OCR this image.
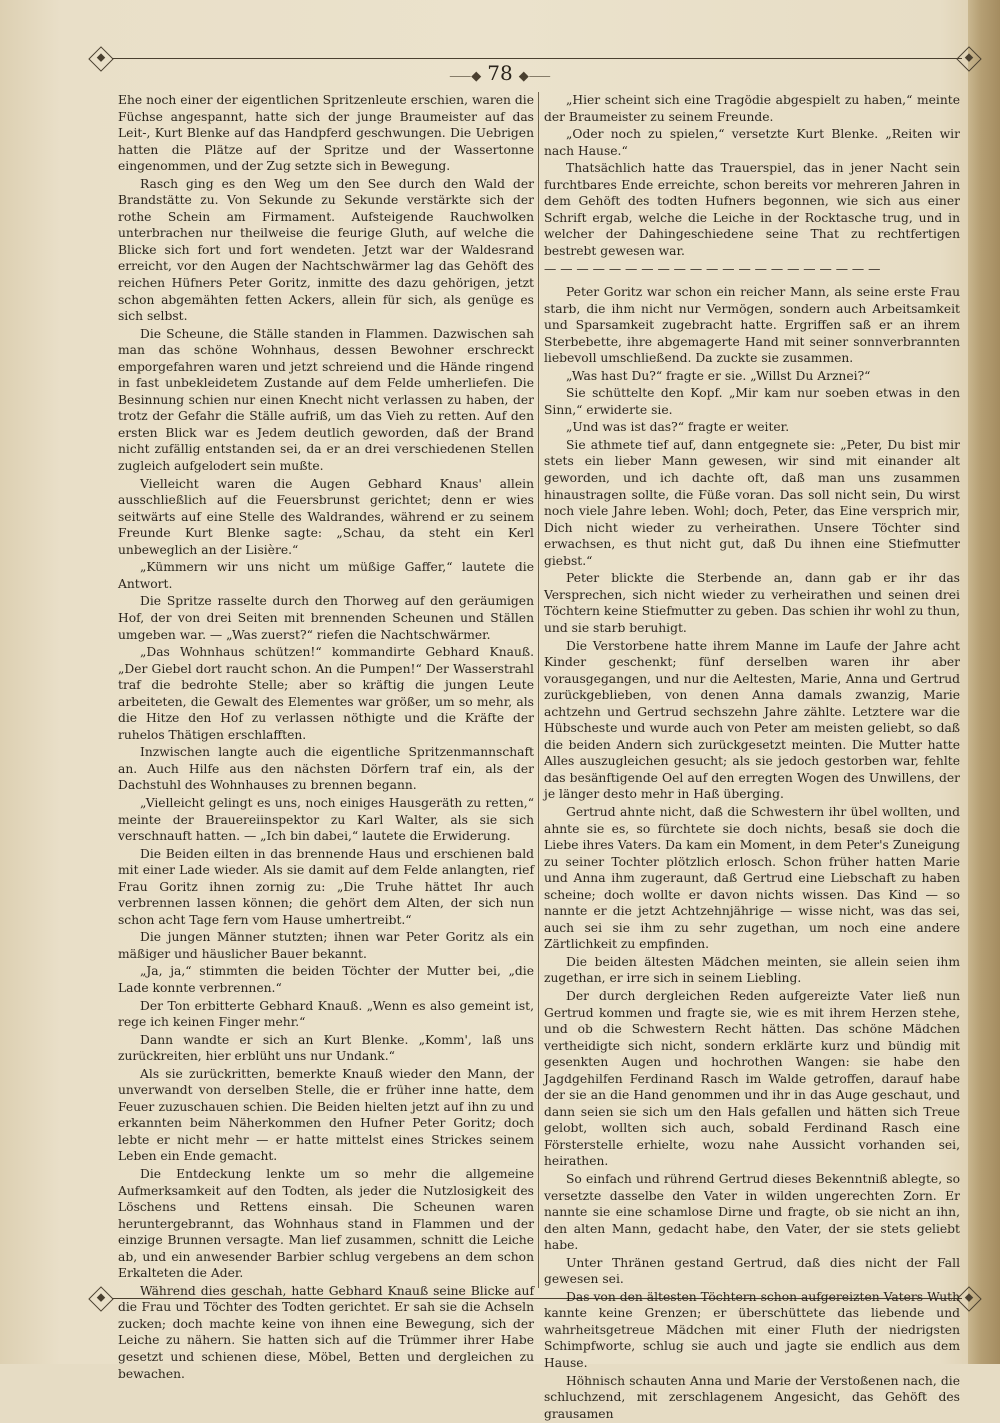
⸺◆ 78 ◆⸺

Ehe noch einer der eigentlichen Spritzenleute erschien, waren die Füchse angespannt, hatte sich der junge Braumeister auf das Leit-, Kurt Blenke auf das Handpferd geschwungen. Die Uebrigen hatten die Plätze auf der Spritze und der Wassertonne eingenommen, und der Zug setzte sich in Bewegung.

Rasch ging es den Weg um den See durch den Wald der Brandstätte zu. Von Sekunde zu Sekunde verstärkte sich der rothe Schein am Firmament. Aufsteigende Rauchwolken unterbrachen nur theilweise die feurige Gluth, auf welche die Blicke sich fort und fort wendeten. Jetzt war der Waldesrand erreicht, vor den Augen der Nachtschwärmer lag das Gehöft des reichen Hüfners Peter Goritz, inmitte des dazu gehörigen, jetzt schon abgemähten fetten Ackers, allein für sich, als genüge es sich selbst.

Die Scheune, die Ställe standen in Flammen. Dazwischen sah man das schöne Wohnhaus, dessen Bewohner erschreckt emporgefahren waren und jetzt schreiend und die Hände ringend in fast unbekleidetem Zustande auf dem Felde umherliefen. Die Besinnung schien nur einen Knecht nicht verlassen zu haben, der trotz der Gefahr die Ställe aufriß, um das Vieh zu retten. Auf den ersten Blick war es Jedem deutlich geworden, daß der Brand nicht zufällig entstanden sei, da er an drei verschiedenen Stellen zugleich aufgelodert sein mußte.

Vielleicht waren die Augen Gebhard Knaus' allein ausschließlich auf die Feuersbrunst gerichtet; denn er wies seitwärts auf eine Stelle des Waldrandes, während er zu seinem Freunde Kurt Blenke sagte: „Schau, da steht ein Kerl unbeweglich an der Lisière.“

„Kümmern wir uns nicht um müßige Gaffer,“ lautete die Antwort.

Die Spritze rasselte durch den Thorweg auf den geräumigen Hof, der von drei Seiten mit brennenden Scheunen und Ställen umgeben war. — „Was zuerst?“ riefen die Nachtschwärmer.

„Das Wohnhaus schützen!“ kommandirte Gebhard Knauß. „Der Giebel dort raucht schon. An die Pumpen!“ Der Wasserstrahl traf die bedrohte Stelle; aber so kräftig die jungen Leute arbeiteten, die Gewalt des Elementes war größer, um so mehr, als die Hitze den Hof zu verlassen nöthigte und die Kräfte der ruhelos Thätigen erschlafften.

Inzwischen langte auch die eigentliche Spritzenmannschaft an. Auch Hilfe aus den nächsten Dörfern traf ein, als der Dachstuhl des Wohnhauses zu brennen begann.

„Vielleicht gelingt es uns, noch einiges Hausgeräth zu retten,“ meinte der Brauereiinspektor zu Karl Walter, als sie sich verschnauft hatten. — „Ich bin dabei,“ lautete die Erwiderung.

Die Beiden eilten in das brennende Haus und erschienen bald mit einer Lade wieder. Als sie damit auf dem Felde anlangten, rief Frau Goritz ihnen zornig zu: „Die Truhe hättet Ihr auch verbrennen lassen können; die gehört dem Alten, der sich nun schon acht Tage fern vom Hause umhertreibt.“

Die jungen Männer stutzten; ihnen war Peter Goritz als ein mäßiger und häuslicher Bauer bekannt.

„Ja, ja,“ stimmten die beiden Töchter der Mutter bei, „die Lade konnte verbrennen.“

Der Ton erbitterte Gebhard Knauß. „Wenn es also gemeint ist, rege ich keinen Finger mehr.“

Dann wandte er sich an Kurt Blenke. „Komm', laß uns zurückreiten, hier erblüht uns nur Undank.“

Als sie zurückritten, bemerkte Knauß wieder den Mann, der unverwandt von derselben Stelle, die er früher inne hatte, dem Feuer zuzuschauen schien. Die Beiden hielten jetzt auf ihn zu und erkannten beim Näherkommen den Hufner Peter Goritz; doch lebte er nicht mehr — er hatte mittelst eines Strickes seinem Leben ein Ende gemacht.

Die Entdeckung lenkte um so mehr die allgemeine Aufmerksamkeit auf den Todten, als jeder die Nutzlosigkeit des Löschens und Rettens einsah. Die Scheunen waren heruntergebrannt, das Wohnhaus stand in Flammen und der einzige Brunnen versagte. Man lief zusammen, schnitt die Leiche ab, und ein anwesender Barbier schlug vergebens an dem schon Erkalteten die Ader.

Während dies geschah, hatte Gebhard Knauß seine Blicke auf die Frau und Töchter des Todten gerichtet. Er sah sie die Achseln zucken; doch machte keine von ihnen eine Bewegung, sich der Leiche zu nähern. Sie hatten sich auf die Trümmer ihrer Habe gesetzt und schienen diese, Möbel, Betten und dergleichen zu bewachen.

„Hier scheint sich eine Tragödie abgespielt zu haben,“ meinte der Braumeister zu seinem Freunde.

„Oder noch zu spielen,“ versetzte Kurt Blenke. „Reiten wir nach Hause.“

Thatsächlich hatte das Trauerspiel, das in jener Nacht sein furchtbares Ende erreichte, schon bereits vor mehreren Jahren in dem Gehöft des todten Hufners begonnen, wie sich aus einer Schrift ergab, welche die Leiche in der Rocktasche trug, und in welcher der Dahingeschiedene seine That zu rechtfertigen bestrebt gewesen war.

— — — — — — — — — — — — — — — — — — — — —

Peter Goritz war schon ein reicher Mann, als seine erste Frau starb, die ihm nicht nur Vermögen, sondern auch Arbeitsamkeit und Sparsamkeit zugebracht hatte. Ergriffen saß er an ihrem Sterbebette, ihre abgemagerte Hand mit seiner sonnverbrannten liebevoll umschließend. Da zuckte sie zusammen.

„Was hast Du?“ fragte er sie. „Willst Du Arznei?“

Sie schüttelte den Kopf. „Mir kam nur soeben etwas in den Sinn,“ erwiderte sie.

„Und was ist das?“ fragte er weiter.

Sie athmete tief auf, dann entgegnete sie: „Peter, Du bist mir stets ein lieber Mann gewesen, wir sind mit einander alt geworden, und ich dachte oft, daß man uns zusammen hinaustragen sollte, die Füße voran. Das soll nicht sein, Du wirst noch viele Jahre leben. Wohl; doch, Peter, das Eine versprich mir, Dich nicht wieder zu verheirathen. Unsere Töchter sind erwachsen, es thut nicht gut, daß Du ihnen eine Stiefmutter giebst.“

Peter blickte die Sterbende an, dann gab er ihr das Versprechen, sich nicht wieder zu verheirathen und seinen drei Töchtern keine Stiefmutter zu geben. Das schien ihr wohl zu thun, und sie starb beruhigt.

Die Verstorbene hatte ihrem Manne im Laufe der Jahre acht Kinder geschenkt; fünf derselben waren ihr aber vorausgegangen, und nur die Aeltesten, Marie, Anna und Gertrud zurückgeblieben, von denen Anna damals zwanzig, Marie achtzehn und Gertrud sechszehn Jahre zählte. Letztere war die Hübscheste und wurde auch von Peter am meisten geliebt, so daß die beiden Andern sich zurückgesetzt meinten. Die Mutter hatte Alles auszugleichen gesucht; als sie jedoch gestorben war, fehlte das besänftigende Oel auf den erregten Wogen des Unwillens, der je länger desto mehr in Haß überging.

Gertrud ahnte nicht, daß die Schwestern ihr übel wollten, und ahnte sie es, so fürchtete sie doch nichts, besaß sie doch die Liebe ihres Vaters. Da kam ein Moment, in dem Peter's Zuneigung zu seiner Tochter plötzlich erlosch. Schon früher hatten Marie und Anna ihm zugeraunt, daß Gertrud eine Liebschaft zu haben scheine; doch wollte er davon nichts wissen. Das Kind — so nannte er die jetzt Achtzehnjährige — wisse nicht, was das sei, auch sei sie ihm zu sehr zugethan, um noch eine andere Zärtlichkeit zu empfinden.

Die beiden ältesten Mädchen meinten, sie allein seien ihm zugethan, er irre sich in seinem Liebling.

Der durch dergleichen Reden aufgereizte Vater ließ nun Gertrud kommen und fragte sie, wie es mit ihrem Herzen stehe, und ob die Schwestern Recht hätten. Das schöne Mädchen vertheidigte sich nicht, sondern erklärte kurz und bündig mit gesenkten Augen und hochrothen Wangen: sie habe den Jagdgehilfen Ferdinand Rasch im Walde getroffen, darauf habe der sie an die Hand genommen und ihr in das Auge geschaut, und dann seien sie sich um den Hals gefallen und hätten sich Treue gelobt, wollten sich auch, sobald Ferdinand Rasch eine Försterstelle erhielte, wozu nahe Aussicht vorhanden sei, heirathen.

So einfach und rührend Gertrud dieses Bekenntniß ablegte, so versetzte dasselbe den Vater in wilden ungerechten Zorn. Er nannte sie eine schamlose Dirne und fragte, ob sie nicht an ihn, den alten Mann, gedacht habe, den Vater, der sie stets geliebt habe.

Unter Thränen gestand Gertrud, daß dies nicht der Fall gewesen sei.

Das von den ältesten Töchtern schon aufgereizten Vaters Wuth kannte keine Grenzen; er überschüttete das liebende und wahrheitsgetreue Mädchen mit einer Fluth der niedrigsten Schimpfworte, schlug sie auch und jagte sie endlich aus dem Hause.

Höhnisch schauten Anna und Marie der Verstoßenen nach, die schluchzend, mit zerschlagenem Angesicht, das Gehöft des grausamen
